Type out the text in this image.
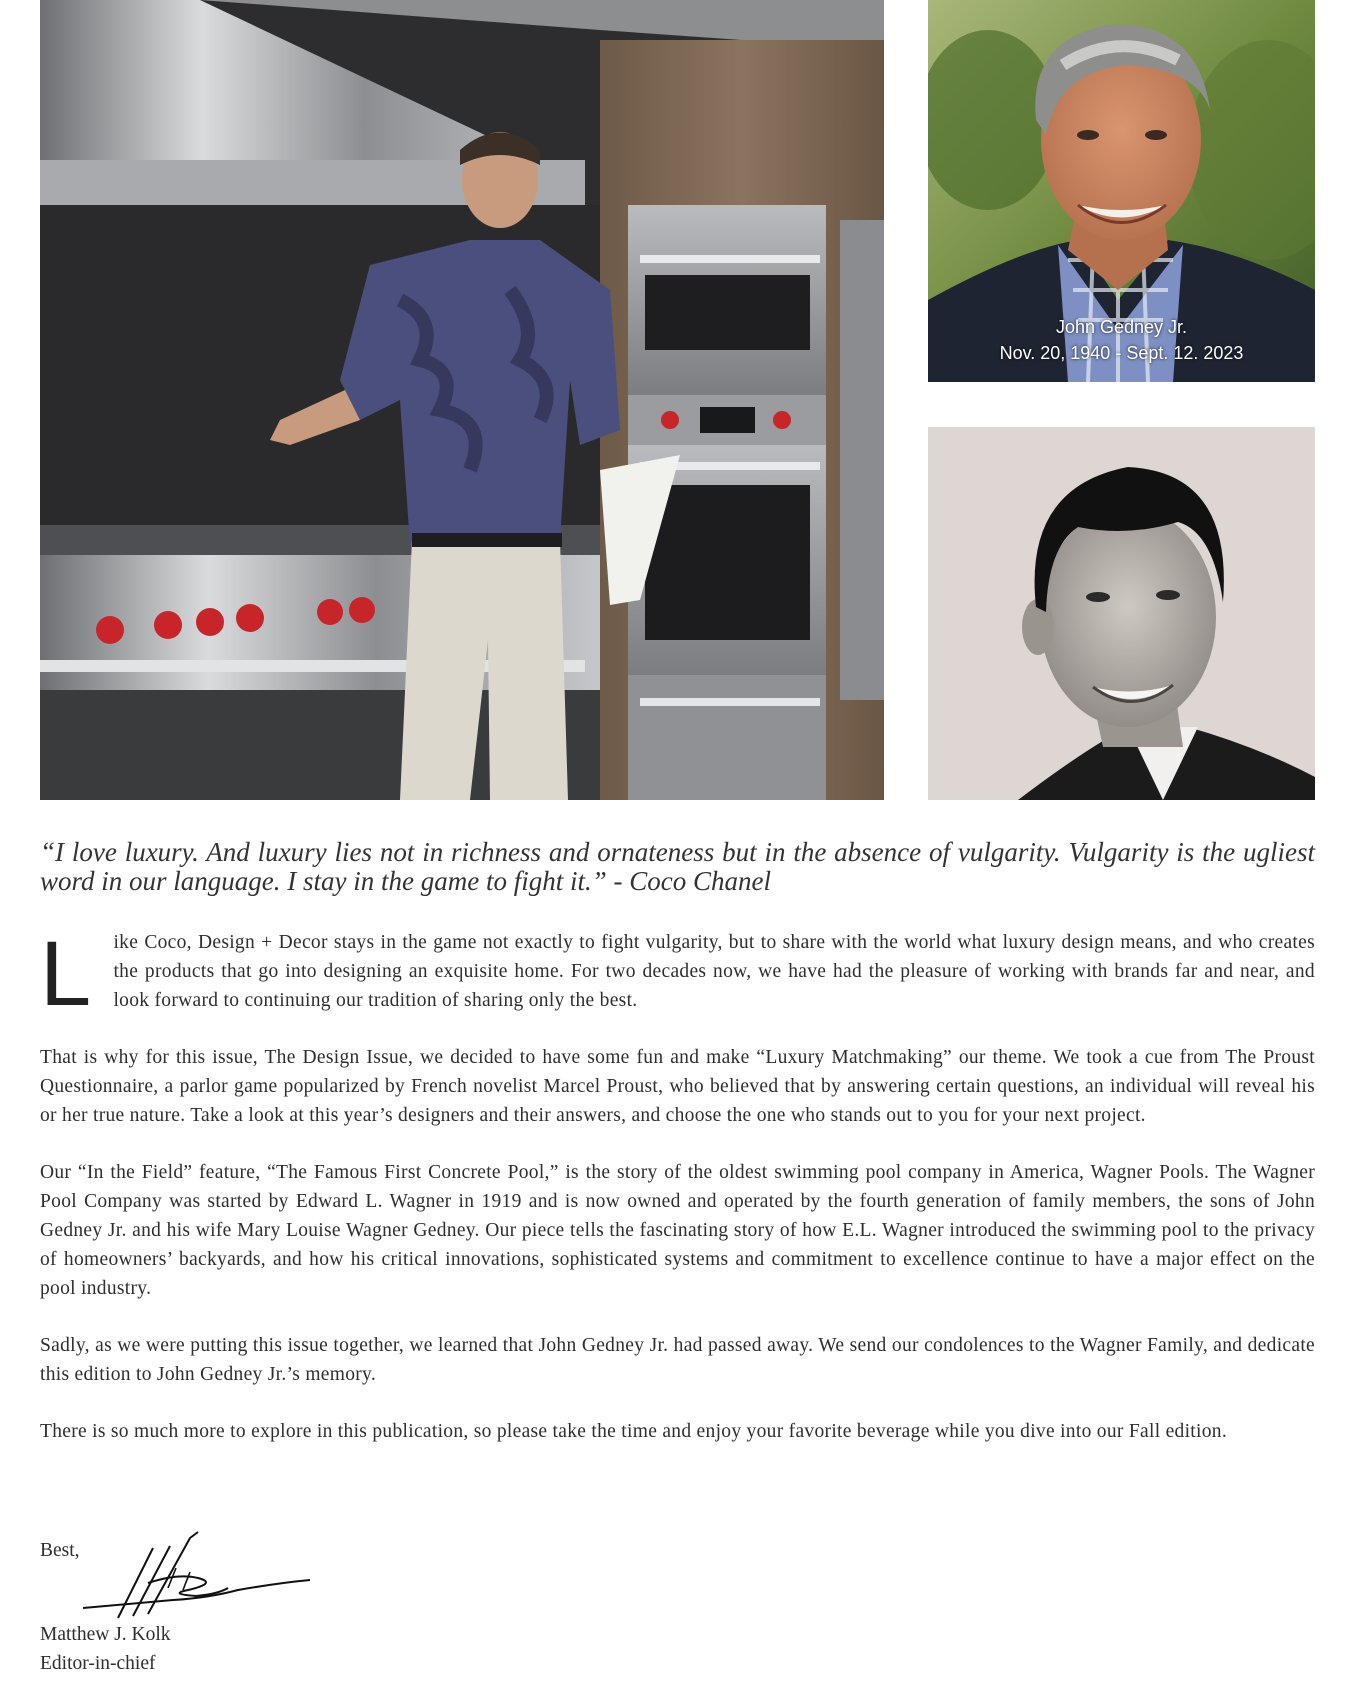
John Gedney Jr.
Nov. 20, 1940 - Sept. 12. 2023
“I love luxury. And luxury lies not in richness and ornateness but in the absence of vulgarity. Vulgarity is the ugliest word in our language. I stay in the game to fight it.” - Coco Chanel

L ike Coco, Design + Decor stays in the game not exactly to fight vulgarity, but to share with the world what luxury design means, and who creates the products that go into designing an exquisite home. For two decades now, we have had the pleasure of working with brands far and near, and look forward to continuing our tradition of sharing only the best.

That is why for this issue, The Design Issue, we decided to have some fun and make “Luxury Matchmaking” our theme. We took a cue from The Proust Questionnaire, a parlor game popularized by French novelist Marcel Proust, who believed that by answering certain questions, an individual will reveal his or her true nature. Take a look at this year’s designers and their answers, and choose the one who stands out to you for your next project.

Our “In the Field” feature, “The Famous First Concrete Pool,” is the story of the oldest swimming pool company in America, Wagner Pools. The Wagner Pool Company was started by Edward L. Wagner in 1919 and is now owned and operated by the fourth generation of family members, the sons of John Gedney Jr. and his wife Mary Louise Wagner Gedney. Our piece tells the fascinating story of how E.L. Wagner introduced the swimming pool to the privacy of homeowners’ backyards, and how his critical innovations, sophisticated systems and commitment to excellence continue to have a major effect on the pool industry.

Sadly, as we were putting this issue together, we learned that John Gedney Jr. had passed away. We send our condolences to the Wagner Family, and dedicate this edition to John Gedney Jr.’s memory.

There is so much more to explore in this publication, so please take the time and enjoy your favorite beverage while you dive into our Fall edition.

Best,
Matthew J. Kolk
Editor-in-chief
